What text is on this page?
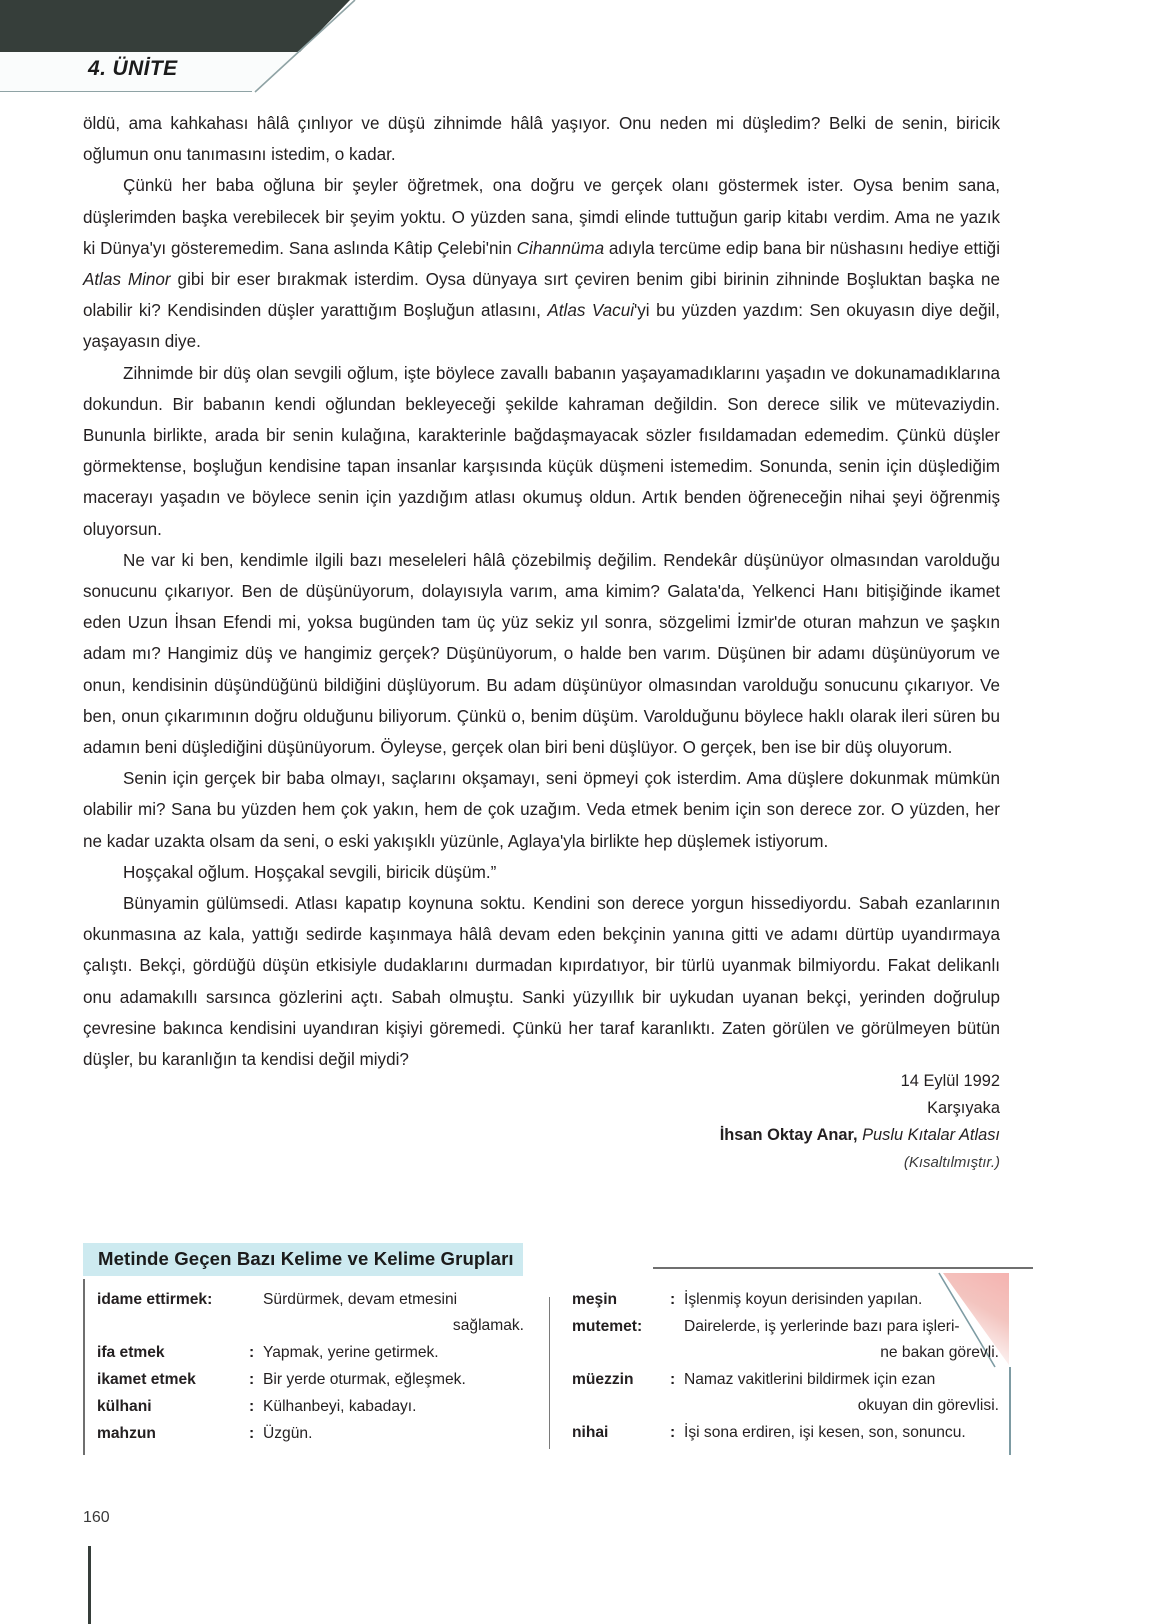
4. ÜNİTE

öldü, ama kahkahası hâlâ çınlıyor ve düşü zihnimde hâlâ yaşıyor. Onu neden mi düşledim? Belki de senin, biricik oğlumun onu tanımasını istedim, o kadar.

Çünkü her baba oğluna bir şeyler öğretmek, ona doğru ve gerçek olanı göstermek ister. Oysa benim sana, düşlerimden başka verebilecek bir şeyim yoktu. O yüzden sana, şimdi elinde tuttuğun garip kitabı verdim. Ama ne yazık ki Dünya'yı gösteremedim. Sana aslında Kâtip Çelebi'nin Cihannüma adıyla tercüme edip bana bir nüshasını hediye ettiği Atlas Minor gibi bir eser bırakmak isterdim. Oysa dünyaya sırt çeviren benim gibi birinin zihninde Boşluktan başka ne olabilir ki? Kendisinden düşler yarattığım Boşluğun atlasını, Atlas Vacui'yi bu yüzden yazdım: Sen okuyasın diye değil, yaşayasın diye.

Zihnimde bir düş olan sevgili oğlum, işte böylece zavallı babanın yaşayamadıklarını yaşadın ve dokunamadıklarına dokundun. Bir babanın kendi oğlundan bekleyeceği şekilde kahraman değildin. Son derece silik ve mütevaziydin. Bununla birlikte, arada bir senin kulağına, karakterinle bağdaşmayacak sözler fısıldamadan edemedim. Çünkü düşler görmektense, boşluğun kendisine tapan insanlar karşısında küçük düşmeni istemedim. Sonunda, senin için düşlediğim macerayı yaşadın ve böylece senin için yazdığım atlası okumuş oldun. Artık benden öğreneceğin nihai şeyi öğrenmiş oluyorsun.

Ne var ki ben, kendimle ilgili bazı meseleleri hâlâ çözebilmiş değilim. Rendekâr düşünüyor olmasından varolduğu sonucunu çıkarıyor. Ben de düşünüyorum, dolayısıyla varım, ama kimim? Galata'da, Yelkenci Hanı bitişiğinde ikamet eden Uzun İhsan Efendi mi, yoksa bugünden tam üç yüz sekiz yıl sonra, sözgelimi İzmir'de oturan mahzun ve şaşkın adam mı? Hangimiz düş ve hangimiz gerçek? Düşünüyorum, o halde ben varım. Düşünen bir adamı düşünüyorum ve onun, kendisinin düşündüğünü bildiğini düşlüyorum. Bu adam düşünüyor olmasından varolduğu sonucunu çıkarıyor. Ve ben, onun çıkarımının doğru olduğunu biliyorum. Çünkü o, benim düşüm. Varolduğunu böylece haklı olarak ileri süren bu adamın beni düşlediğini düşünüyorum. Öyleyse, gerçek olan biri beni düşlüyor. O gerçek, ben ise bir düş oluyorum.

Senin için gerçek bir baba olmayı, saçlarını okşamayı, seni öpmeyi çok isterdim. Ama düşlere dokunmak mümkün olabilir mi? Sana bu yüzden hem çok yakın, hem de çok uzağım. Veda etmek benim için son derece zor. O yüzden, her ne kadar uzakta olsam da seni, o eski yakışıklı yüzünle, Aglaya'yla birlikte hep düşlemek istiyorum.

Hoşçakal oğlum. Hoşçakal sevgili, biricik düşüm.”

Bünyamin gülümsedi. Atlası kapatıp koynuna soktu. Kendini son derece yorgun hissediyordu. Sabah ezanlarının okunmasına az kala, yattığı sedirde kaşınmaya hâlâ devam eden bekçinin yanına gitti ve adamı dürtüp uyandırmaya çalıştı. Bekçi, gördüğü düşün etkisiyle dudaklarını durmadan kıpırdatıyor, bir türlü uyanmak bilmiyordu. Fakat delikanlı onu adamakıllı sarsınca gözlerini açtı. Sabah olmuştu. Sanki yüzyıllık bir uykudan uyanan bekçi, yerinden doğrulup çevresine bakınca kendisini uyandıran kişiyi göremedi. Çünkü her taraf karanlıktı. Zaten görülen ve görülmeyen bütün düşler, bu karanlığın ta kendisi değil miydi?

14 Eylül 1992
Karşıyaka
İhsan Oktay Anar, Puslu Kıtalar Atlası
(Kısaltılmıştır.)
Metinde Geçen Bazı Kelime ve Kelime Grupları
idame ettirmek:	Sürdürmek, devam etmesini
sağlamak.
ifa etmek	: Yapmak, yerine getirmek.
ikamet etmek	: Bir yerde oturmak, eğleşmek.
külhani	: Külhanbeyi, kabadayı.
mahzun	: Üzgün.
meşin	: İşlenmiş koyun derisinden yapılan.
mutemet:	Dairelerde, iş yerlerinde bazı para işleri-
ne bakan görevli.
müezzin	: Namaz vakitlerini bildirmek için ezan
okuyan din görevlisi.
nihai	: İşi sona erdiren, işi kesen, son, sonuncu.
160
